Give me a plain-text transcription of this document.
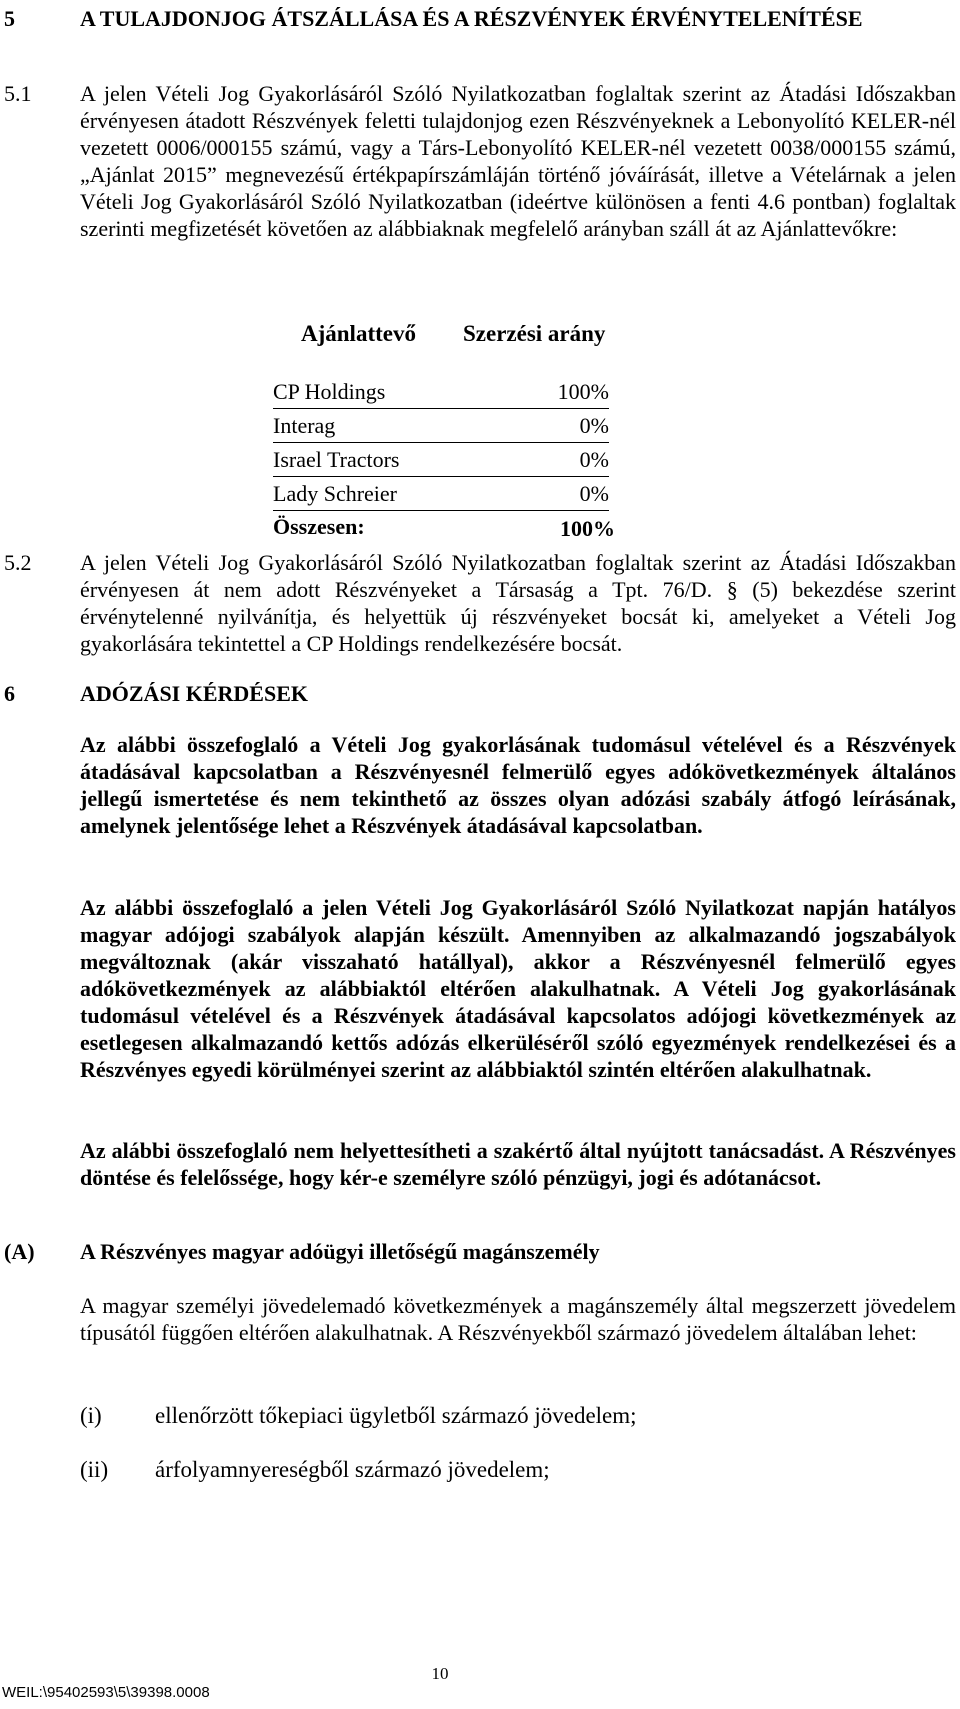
5	A TULAJDONJOG ÁTSZÁLLÁSA ÉS A RÉSZVÉNYEK ÉRVÉNYTELENÍTÉSE
5.1 A jelen Vételi Jog Gyakorlásáról Szóló Nyilatkozatban foglaltak szerint az Átadási Időszakban érvényesen átadott Részvények feletti tulajdonjog ezen Részvényeknek a Lebonyolító KELER-nél vezetett 0006/000155 számú, vagy a Társ-Lebonyolító KELER-nél vezetett 0038/000155 számú, „Ajánlat 2015” megnevezésű értékpapírszámláján történő jóváírását, illetve a Vételárnak a jelen Vételi Jog Gyakorlásáról Szóló Nyilatkozatban (ideértve különösen a fenti 4.6 pontban) foglaltak szerinti megfizetését követően az alábbiaknak megfelelő arányban száll át az Ajánlattevőkre:
Ajánlattevő Szerzési arány
CP Holdings	100%
Interag	0%
Israel Tractors	0%
Lady Schreier	0%
Összesen:	100%
5.2 A jelen Vételi Jog Gyakorlásáról Szóló Nyilatkozatban foglaltak szerint az Átadási Időszakban érvényesen át nem adott Részvényeket a Társaság a Tpt. 76/D. § (5) bekezdése szerint érvénytelenné nyilvánítja, és helyettük új részvényeket bocsát ki, amelyeket a Vételi Jog gyakorlására tekintettel a CP Holdings rendelkezésére bocsát.
6	ADÓZÁSI KÉRDÉSEK
Az alábbi összefoglaló a Vételi Jog gyakorlásának tudomásul vételével és a Részvények átadásával kapcsolatban a Részvényesnél felmerülő egyes adókövetkezmények általános jellegű ismertetése és nem tekinthető az összes olyan adózási szabály átfogó leírásának, amelynek jelentősége lehet a Részvények átadásával kapcsolatban.
Az alábbi összefoglaló a jelen Vételi Jog Gyakorlásáról Szóló Nyilatkozat napján hatályos magyar adójogi szabályok alapján készült. Amennyiben az alkalmazandó jogszabályok megváltoznak (akár visszaható hatállyal), akkor a Részvényesnél felmerülő egyes adókövetkezmények az alábbiaktól eltérően alakulhatnak. A Vételi Jog gyakorlásának tudomásul vételével és a Részvények átadásával kapcsolatos adójogi következmények az esetlegesen alkalmazandó kettős adózás elkerüléséről szóló egyezmények rendelkezései és a Részvényes egyedi körülményei szerint az alábbiaktól szintén eltérően alakulhatnak.
Az alábbi összefoglaló nem helyettesítheti a szakértő által nyújtott tanácsadást. A Részvényes döntése és felelőssége, hogy kér-e személyre szóló pénzügyi, jogi és adótanácsot.
(A) A Részvényes magyar adóügyi illetőségű magánszemély
A magyar személyi jövedelemadó következmények a magánszemély által megszerzett jövedelem típusától függően eltérően alakulhatnak. A Részvényekből származó jövedelem általában lehet:
(i) ellenőrzött tőkepiaci ügyletből származó jövedelem;
(ii) árfolyamnyereségből származó jövedelem;
10
WEIL:\95402593\5\39398.0008
